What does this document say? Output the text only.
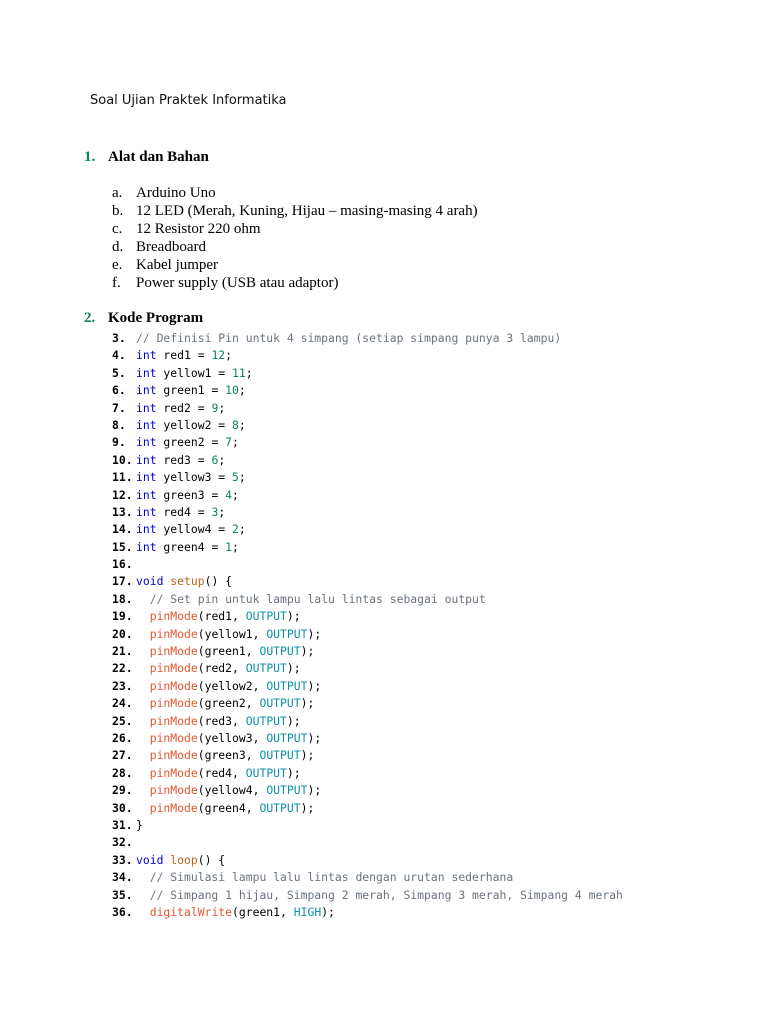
Soal Ujian Praktek Informatika
1. Alat dan Bahan
a. Arduino Uno
b. 12 LED (Merah, Kuning, Hijau – masing-masing 4 arah)
c. 12 Resistor 220 ohm
d. Breadboard
e. Kabel jumper
f. Power supply (USB atau adaptor)
2. Kode Program
3. // Definisi Pin untuk 4 simpang (setiap simpang punya 3 lampu)
4. int red1 = 12;
5. int yellow1 = 11;
6. int green1 = 10;
7. int red2 = 9;
8. int yellow2 = 8;
9. int green2 = 7;
10. int red3 = 6;
11. int yellow3 = 5;
12. int green3 = 4;
13. int red4 = 3;
14. int yellow4 = 2;
15. int green4 = 1;
16.
17. void setup() {
18.  // Set pin untuk lampu lalu lintas sebagai output
19. pinMode(red1, OUTPUT);
20. pinMode(yellow1, OUTPUT);
21. pinMode(green1, OUTPUT);
22. pinMode(red2, OUTPUT);
23. pinMode(yellow2, OUTPUT);
24. pinMode(green2, OUTPUT);
25. pinMode(red3, OUTPUT);
26. pinMode(yellow3, OUTPUT);
27. pinMode(green3, OUTPUT);
28. pinMode(red4, OUTPUT);
29. pinMode(yellow4, OUTPUT);
30. pinMode(green4, OUTPUT);
31. }
32.
33. void loop() {
34.  // Simulasi lampu lalu lintas dengan urutan sederhana
35.  // Simpang 1 hijau, Simpang 2 merah, Simpang 3 merah, Simpang 4 merah
36. digitalWrite(green1, HIGH);
